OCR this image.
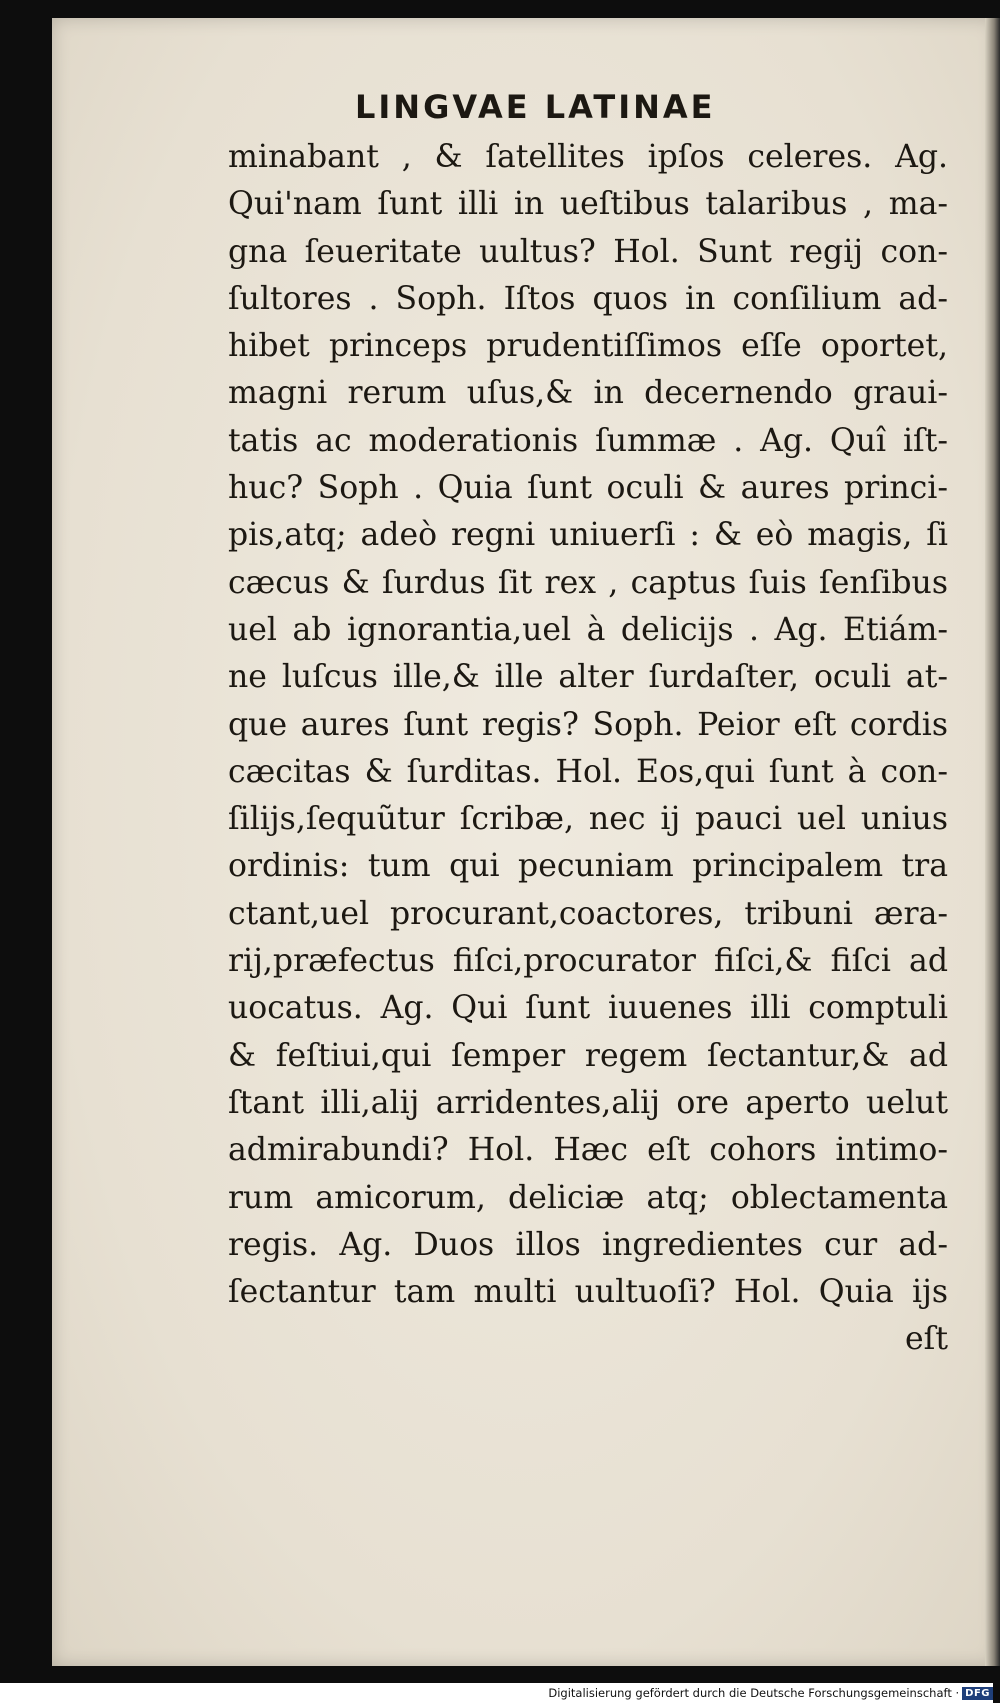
LINGVAE LATINAE
minabant , & ſatellites ipſos celeres. Ag.
Qui'nam ſunt illi in ueſtibus talaribus , ma-
gna ſeueritate uultus? Hol. Sunt regij con-
ſultores . Soph. Iſtos quos in conſilium ad-
hibet princeps prudentiſſimos eſſe oportet,
magni rerum uſus,& in decernendo graui-
tatis ac moderationis ſummæ . Ag. Quî iſt-
huc? Soph . Quia ſunt oculi & aures princi-
pis,atq; adeò regni uniuerſi : & eò magis, ſi
cæcus & ſurdus ſit rex , captus ſuis ſenſibus
uel ab ignorantia,uel à delicijs . Ag. Etiám-
ne luſcus ille,& ille alter ſurdaſter, oculi at-
que aures ſunt regis? Soph. Peior eſt cordis
cæcitas & ſurditas. Hol. Eos,qui ſunt à con-
ſilijs,ſequũtur ſcribæ, nec ij pauci uel unius
ordinis: tum qui pecuniam principalem tra
ctant,uel procurant,coactores, tribuni æra-
rij,præfectus fiſci,procurator fiſci,& fiſci ad
uocatus. Ag. Qui ſunt iuuenes illi comptuli
& feſtiui,qui ſemper regem ſectantur,& ad
ſtant illi,alij arridentes,alij ore aperto uelut
admirabundi? Hol. Hæc eſt cohors intimo-
rum amicorum, deliciæ atq; oblectamenta
regis. Ag. Duos illos ingredientes cur ad-
ſectantur tam multi uultuoſi? Hol. Quia ijs
eſt
Digitalisierung gefördert durch die Deutsche Forschungsgemeinschaft · DFG
